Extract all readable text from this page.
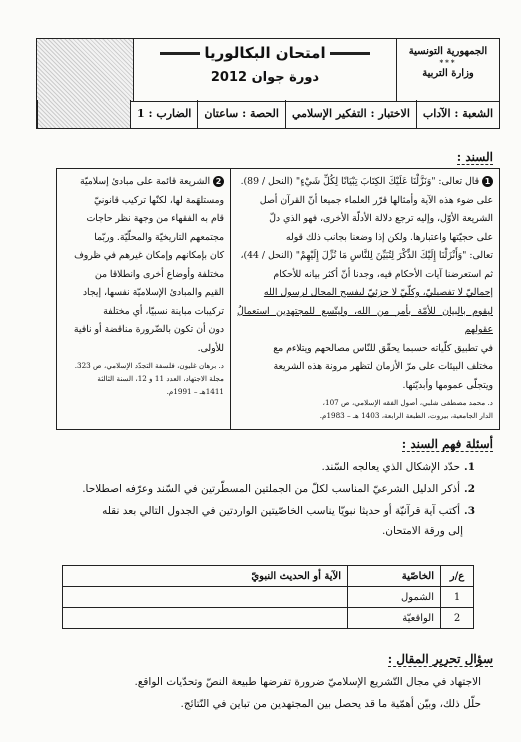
الجمهورية التونسية
***
وزارة التربية
امتحان البكالوريا
دورة جوان 2012
الشعبة : الآداب
الاختبار : التفكير الإسلامي
الحصة : ساعتان
الضارب : 1
السند :
1 قال تعالى: "وَنَزَّلْنَا عَلَيْكَ الكِتَابَ تِبْيَانًا لِكُلِّ شَيْءٍ" (النحل / 89).
على ضوء هذه الآية وأمثالها قرّر العلماء جميعا أنّ القرآن أصل
الشريعة الأوّل، وإليه ترجع دلالة الأدلّة الأخرى، فهو الذي دلّ
على حجيّتها واعتبارها. ولكن إذا وضعنا بجانب ذلك قوله
تعالى: "وَأَنْزَلْنَا إِلَيْكَ الذِّكْرَ لِتُبَيِّنَ لِلنَّاسِ مَا نُزِّلَ إِلَيْهِمْ" (النحل / 44)،
ثم استعرضنا آيات الأحكام فيه، وجدنا أنّ أكثر بيانه للأحكام
إجماليّ لا تفصيليّ، وكلّيّ لا جزئيّ ليفسح المجال لرسول الله
ليقوم بالبيان للأمّة بأمر من الله، وليتّسع للمجتهدين استعمالُ عقولهم
في تطبيق كلّياته حسبما يحقّق للنّاس مصالحهم ويتلاءم مع
مختلف البيئات على مرّ الأزمان لتظهر مرونة هذه الشريعة
ويتجلّى عمومها وأبديّتها.
د. محمد مصطفى شلبي، أصول الفقه الإسلامي، ص 107،
الدار الجامعية، بيروت، الطبعة الرابعة، 1403 هـ – 1983م.
2 الشريعة قائمة على مبادئ إسلاميّة
ومستلهَمة لها، لكنّها تركيب قانونيّ
قام به الفقهاء من وجهة نظر حاجات
مجتمعهم التاريخيّة والمحلّيّة. وربّما
كان بإمكانهم وإمكان غيرهم في ظروف
مختلفة وأوضاع أخرى وانطلاقا من
القيم والمبادئ الإسلاميّة نفسها، إيجاد
تركيبات مباينة نسبيّا، أي مختلفة
دون أن تكون بالضّرورة مناقضة أو نافية
للأولى.
د. برهان غليون، فلسفة التجدّد الإسلامي، ص 323.
مجلة الاجتهاد، العدد 11 و 12، السنة الثالثة
1411هـ – 1991م.
أسئلة فهم السند :
1.حدّد الإشكال الذي يعالجه السّند.
2.أذكر الدليل الشرعيّ المناسب لكلّ من الجملتين المسطّرتين في السّند وعرّفه اصطلاحا.
3.أكتب آية قرآنيّة أو حديثا نبويّا يناسب الخاصّيتين الواردتين في الجدول التالي بعد نقله
إلى ورقة الامتحان.
ع/ر	الخاصّية	الآية أو الحديث النبويّ
1	الشمول	
2	الواقعيّة	
سؤال تحرير المقال :
الاجتهاد في مجال التّشريع الإسلاميّ ضرورة تفرضها طبيعة النصّ وتحدّيات الواقع.
حلّل ذلك، وبيّن أهمّية ما قد يحصل بين المجتهدين من تباين في النّتائج.
